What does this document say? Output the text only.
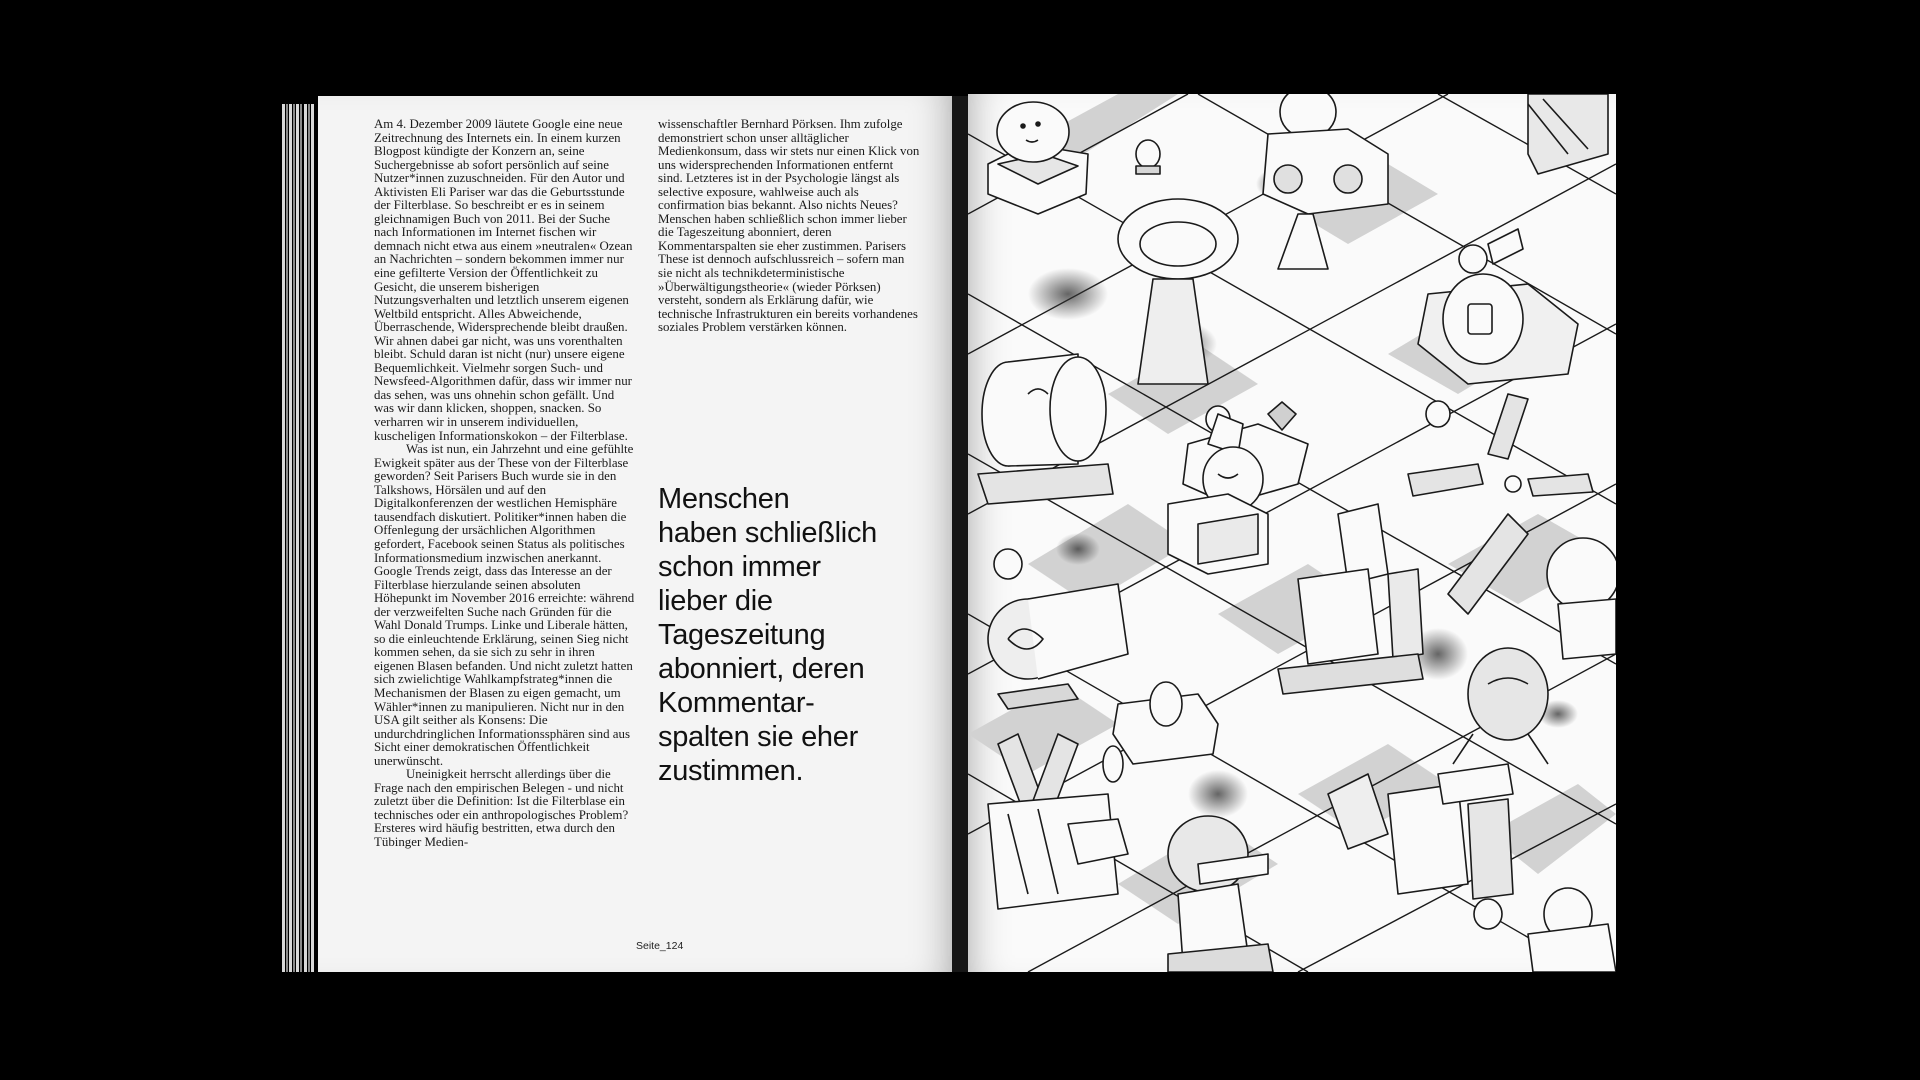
Am 4. Dezember 2009 läutete Google eine neue Zeitrechnung des Internets ein. In einem kurzen Blogpost kündigte der Konzern an, seine Suchergebnisse ab sofort persönlich auf seine Nutzer*innen zuzuschneiden. Für den Autor und Aktivisten Eli Pariser war das die Geburtsstunde der Filterblase. So beschreibt er es in seinem gleichnamigen Buch von 2011. Bei der Suche nach Informationen im Internet fischen wir demnach nicht etwa aus einem »neutralen« Ozean an Nachrichten – sondern bekommen immer nur eine gefilterte Version der Öffentlichkeit zu Gesicht, die unserem bisherigen Nutzungsverhalten und letztlich unserem eigenen Weltbild entspricht. Alles Abweichende, Überraschende, Widersprechende bleibt draußen. Wir ahnen dabei gar nicht, was uns vorenthalten bleibt. Schuld daran ist nicht (nur) unsere eigene Bequemlichkeit. Vielmehr sorgen Such- und Newsfeed-Algorithmen dafür, dass wir immer nur das sehen, was uns ohnehin schon gefällt. Und was wir dann klicken, shoppen, snacken. So verharren wir in unserem individuellen, kuscheligen Informationskokon – der Filterblase.

Was ist nun, ein Jahrzehnt und eine gefühlte Ewigkeit später aus der These von der Filterblase geworden? Seit Parisers Buch wurde sie in den Talkshows, Hörsälen und auf den Digitalkonferenzen der westlichen Hemisphäre tausendfach diskutiert. Politiker*innen haben die Offenlegung der ursächlichen Algorithmen gefordert, Facebook seinen Status als politisches Informationsmedium inzwischen anerkannt. Google Trends zeigt, dass das Interesse an der Filterblase hierzulande seinen absoluten Höhepunkt im November 2016 erreichte: während der verzweifelten Suche nach Gründen für die Wahl Donald Trumps. Linke und Liberale hätten, so die einleuchtende Erklärung, seinen Sieg nicht kommen sehen, da sie sich zu sehr in ihren eigenen Blasen befanden. Und nicht zuletzt hatten sich zwielichtige Wahlkampfstrateg*innen die Mechanismen der Blasen zu eigen gemacht, um Wähler*innen zu manipulieren. Nicht nur in den USA gilt seither als Konsens: Die undurchdringlichen Informationssphären sind aus Sicht einer demokratischen Öffentlichkeit unerwünscht.

Uneinigkeit herrscht allerdings über die Frage nach den empirischen Belegen - und nicht zuletzt über die Definition: Ist die Filterblase ein technisches oder ein anthropologisches Problem? Ersteres wird häufig bestritten, etwa durch den Tübinger Medien-

wissenschaftler Bernhard Pörksen. Ihm zufolge demonstriert schon unser alltäglicher Medienkonsum, dass wir stets nur einen Klick von uns widersprechenden Informationen entfernt sind. Letzteres ist in der Psychologie längst als selective exposure, wahlweise auch als confirmation bias bekannt. Also nichts Neues? Menschen haben schließlich schon immer lieber die Tageszeitung abonniert, deren Kommentarspalten sie eher zustimmen. Parisers These ist dennoch aufschlussreich – sofern man sie nicht als technikdeterministische »Überwältigungstheorie« (wieder Pörksen) versteht, sondern als Erklärung dafür, wie technische Infrastrukturen ein bereits vorhandenes soziales Problem verstärken können.

Menschen
haben schließlich
schon immer
lieber die
Tageszeitung
abonniert, deren
Kommentar-
spalten sie eher
zustimmen.
Seite_124
